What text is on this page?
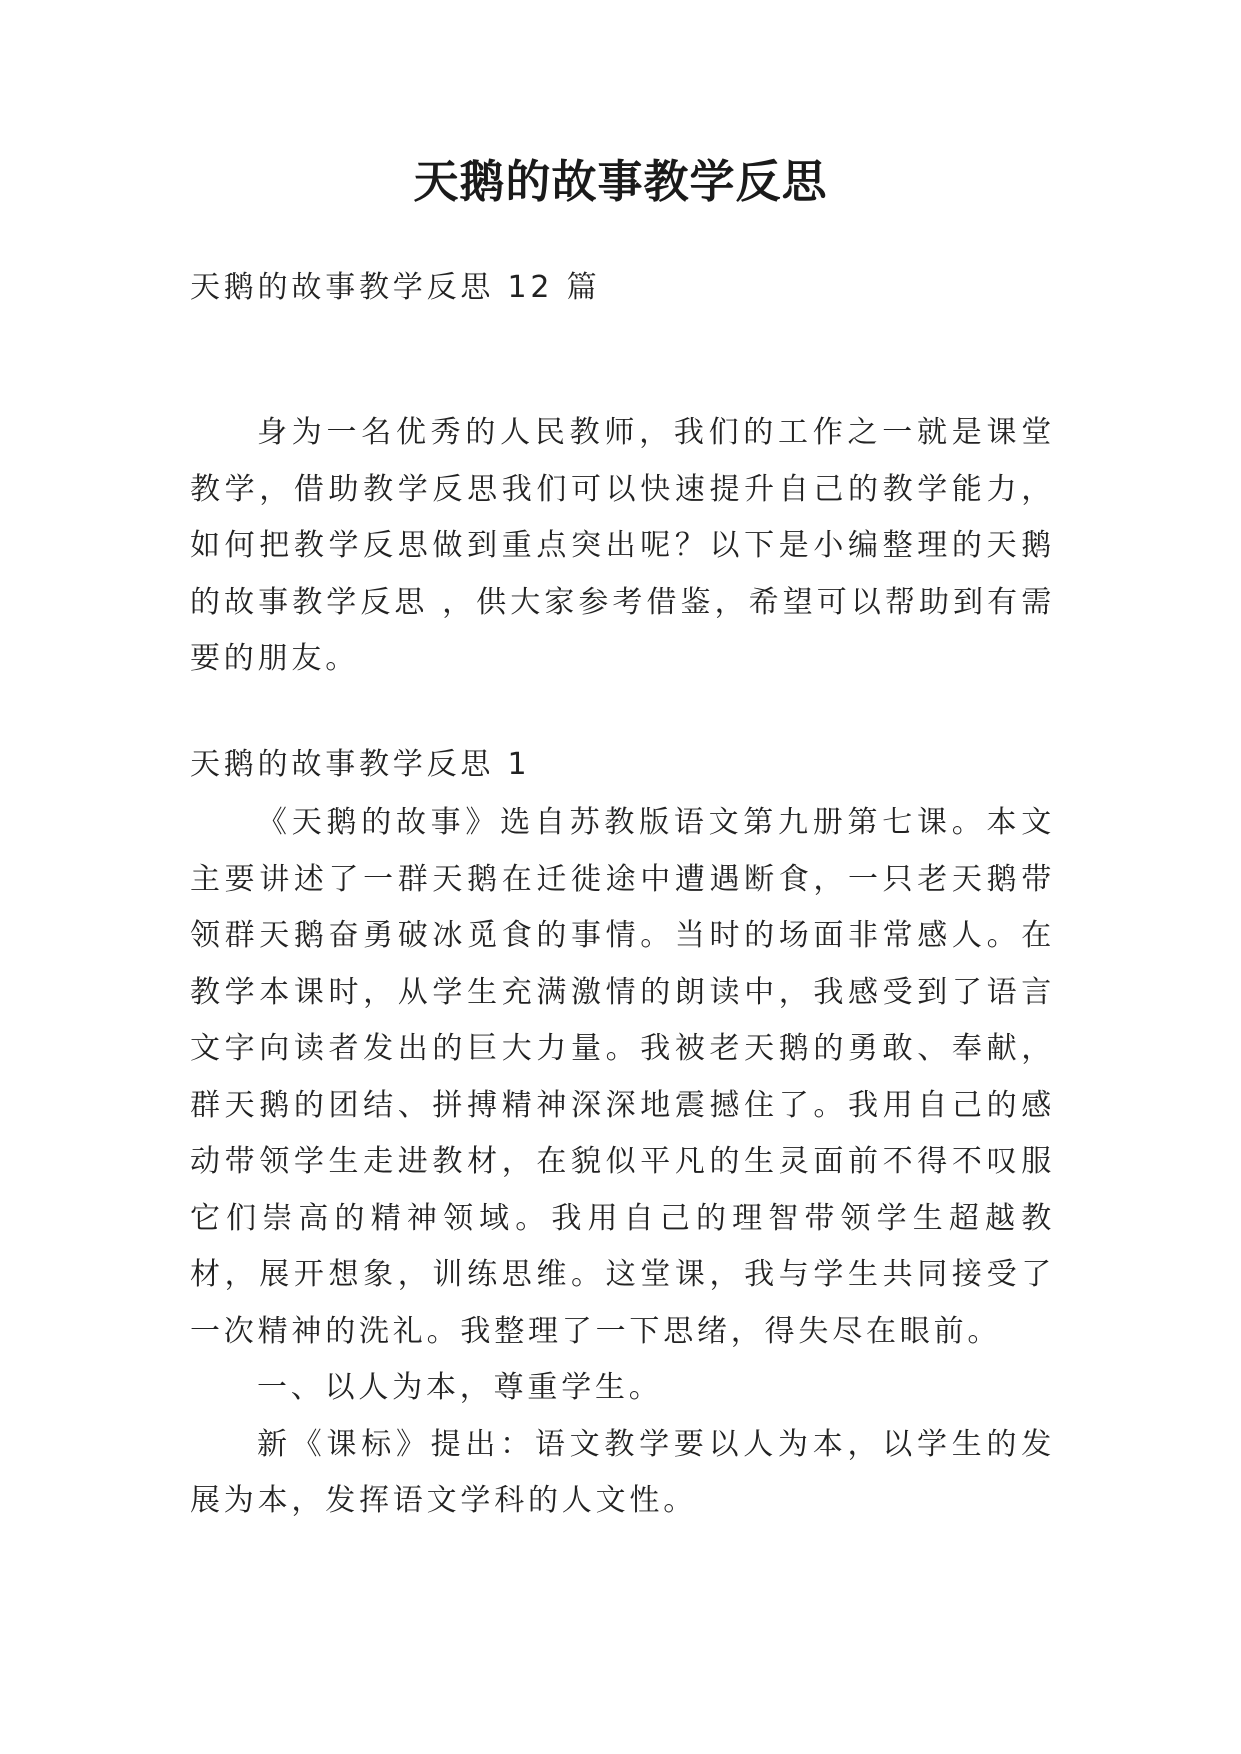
天鹅的故事教学反思
天鹅的故事教学反思 12 篇

身为一名优秀的人民教师，我们的工作之一就是课堂教学，借助教学反思我们可以快速提升自己的教学能力，如何把教学反思做到重点突出呢？以下是小编整理的天鹅的故事教学反思 ，供大家参考借鉴，希望可以帮助到有需要的朋友。

天鹅的故事教学反思 1

《天鹅的故事》选自苏教版语文第九册第七课。本文主要讲述了一群天鹅在迁徙途中遭遇断食，一只老天鹅带领群天鹅奋勇破冰觅食的事情。当时的场面非常感人。在教学本课时，从学生充满激情的朗读中，我感受到了语言文字向读者发出的巨大力量。我被老天鹅的勇敢、奉献，群天鹅的团结、拼搏精神深深地震撼住了。我用自己的感动带领学生走进教材，在貌似平凡的生灵面前不得不叹服它们崇高的精神领域。我用自己的理智带领学生超越教材，展开想象，训练思维。这堂课，我与学生共同接受了一次精神的洗礼。我整理了一下思绪，得失尽在眼前。

一、以人为本，尊重学生。

新《课标》提出：语文教学要以人为本，以学生的发展为本，发挥语文学科的人文性。
